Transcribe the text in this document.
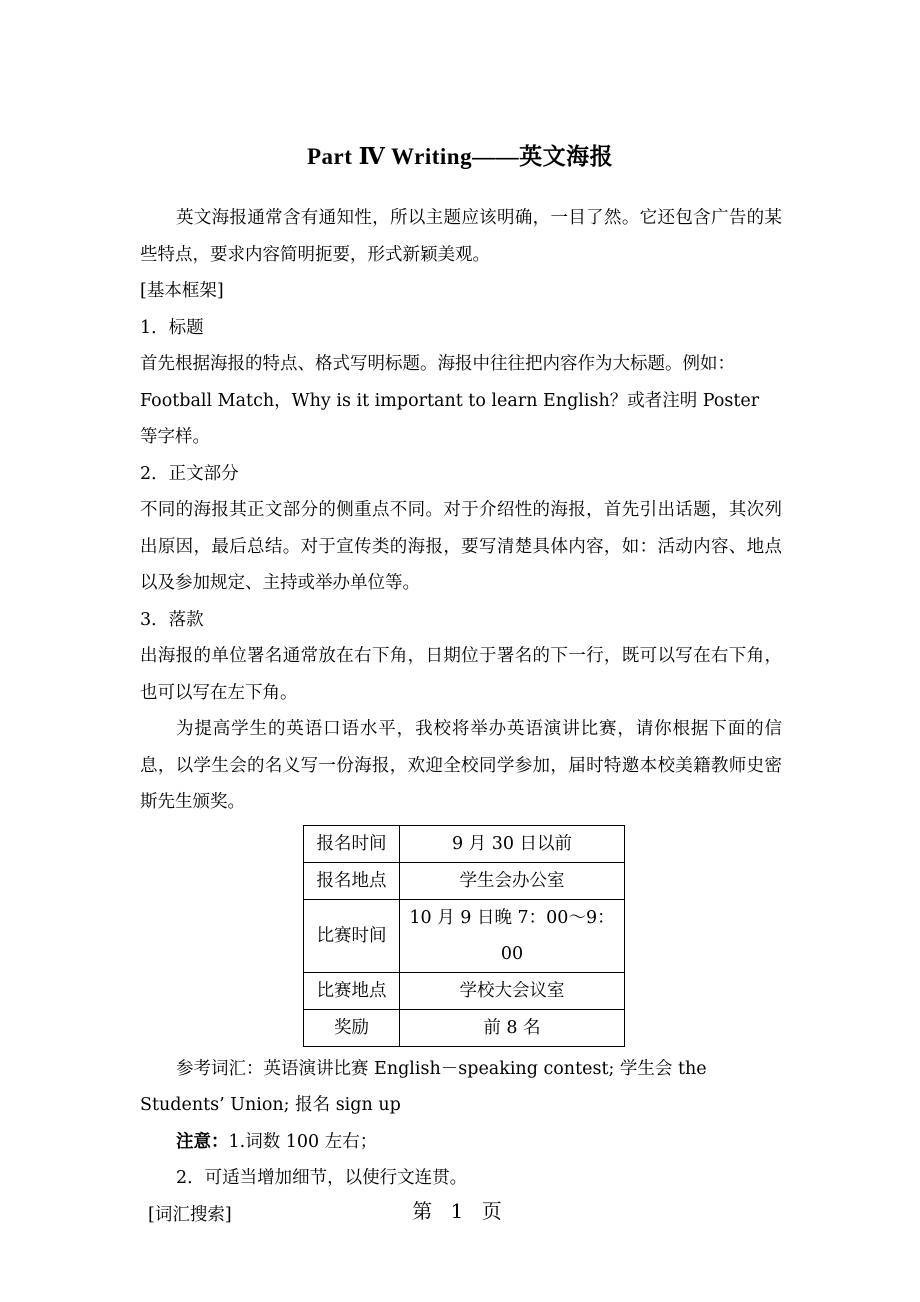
Part Ⅳ Writing——英文海报

英文海报通常含有通知性，所以主题应该明确，一目了然。它还包含广告的某些特点，要求内容简明扼要，形式新颖美观。

[基本框架]

1．标题

首先根据海报的特点、格式写明标题。海报中往往把内容作为大标题。例如：

Football Match，Why is it important to learn English？或者注明 Poster 等字样。

2．正文部分

不同的海报其正文部分的侧重点不同。对于介绍性的海报，首先引出话题，其次列出原因，最后总结。对于宣传类的海报，要写清楚具体内容，如：活动内容、地点以及参加规定、主持或举办单位等。

3．落款

出海报的单位署名通常放在右下角，日期位于署名的下一行，既可以写在右下角，也可以写在左下角。

为提高学生的英语口语水平，我校将举办英语演讲比赛，请你根据下面的信息，以学生会的名义写一份海报，欢迎全校同学参加，届时特邀本校美籍教师史密斯先生颁奖。

报名时间	9 月 30 日以前
报名地点	学生会办公室
比赛时间	10 月 9 日晚 7：00～9：00
比赛地点	学校大会议室
奖励	前 8 名

参考词汇：英语演讲比赛 English－speaking contest; 学生会 the Students’ Union; 报名 sign up

注意：1.词数 100 左右；

2．可适当增加细节，以使行文连贯。

[词汇搜索]	第 1 页
